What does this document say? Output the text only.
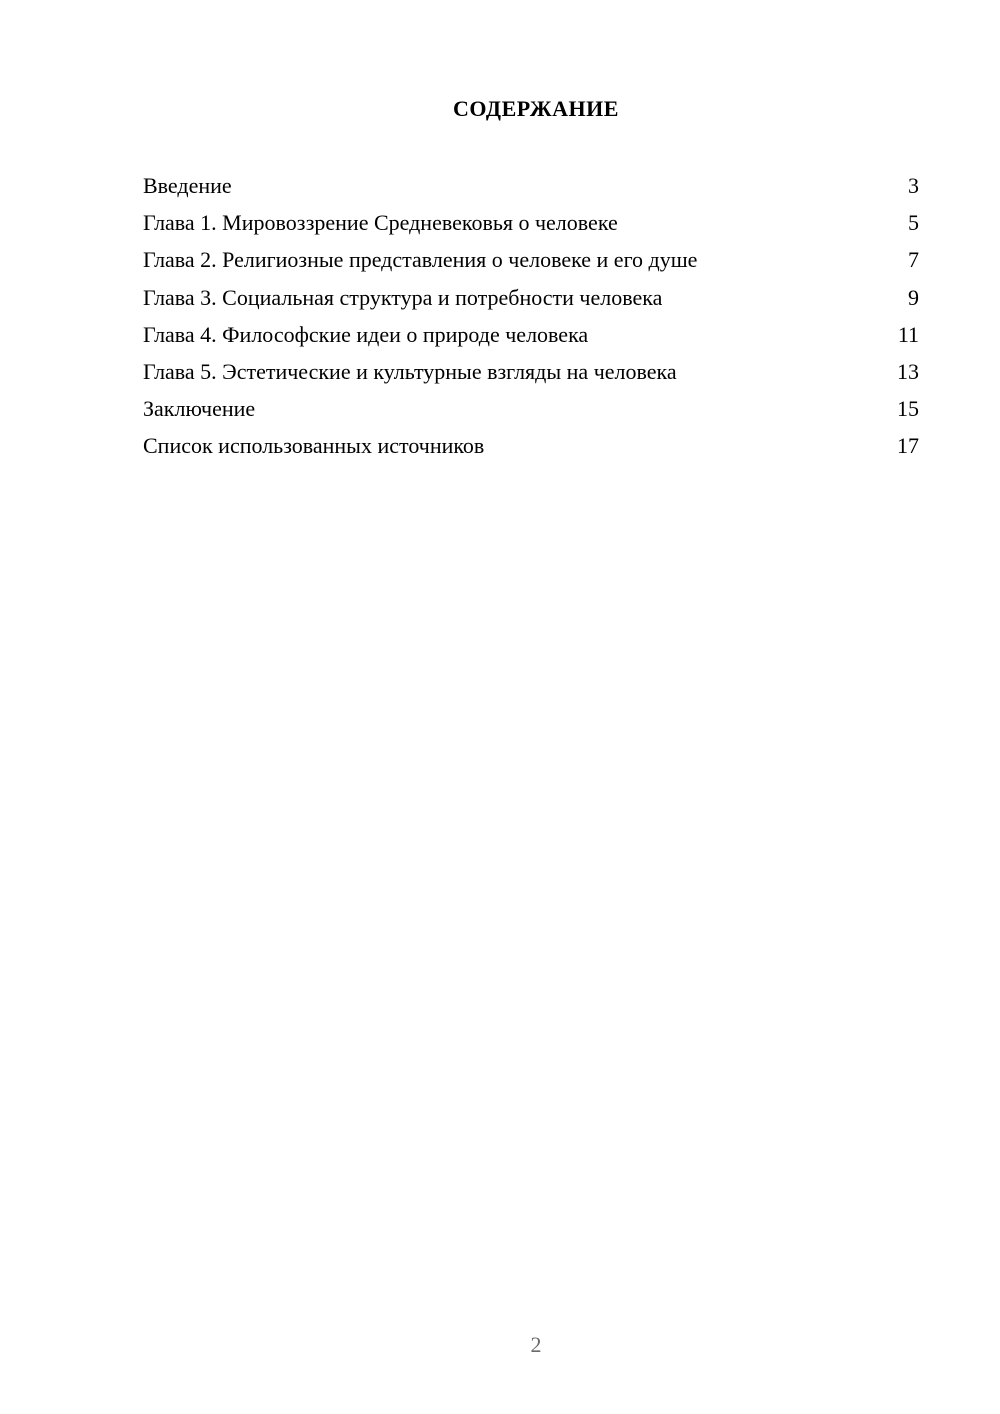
СОДЕРЖАНИЕ
Введение	3
Глава 1. Мировоззрение Средневековья о человеке	5
Глава 2. Религиозные представления о человеке и его душе	7
Глава 3. Социальная структура и потребности человека	9
Глава 4. Философские идеи о природе человека	11
Глава 5. Эстетические и культурные взгляды на человека	13
Заключение	15
Список использованных источников	17
2
